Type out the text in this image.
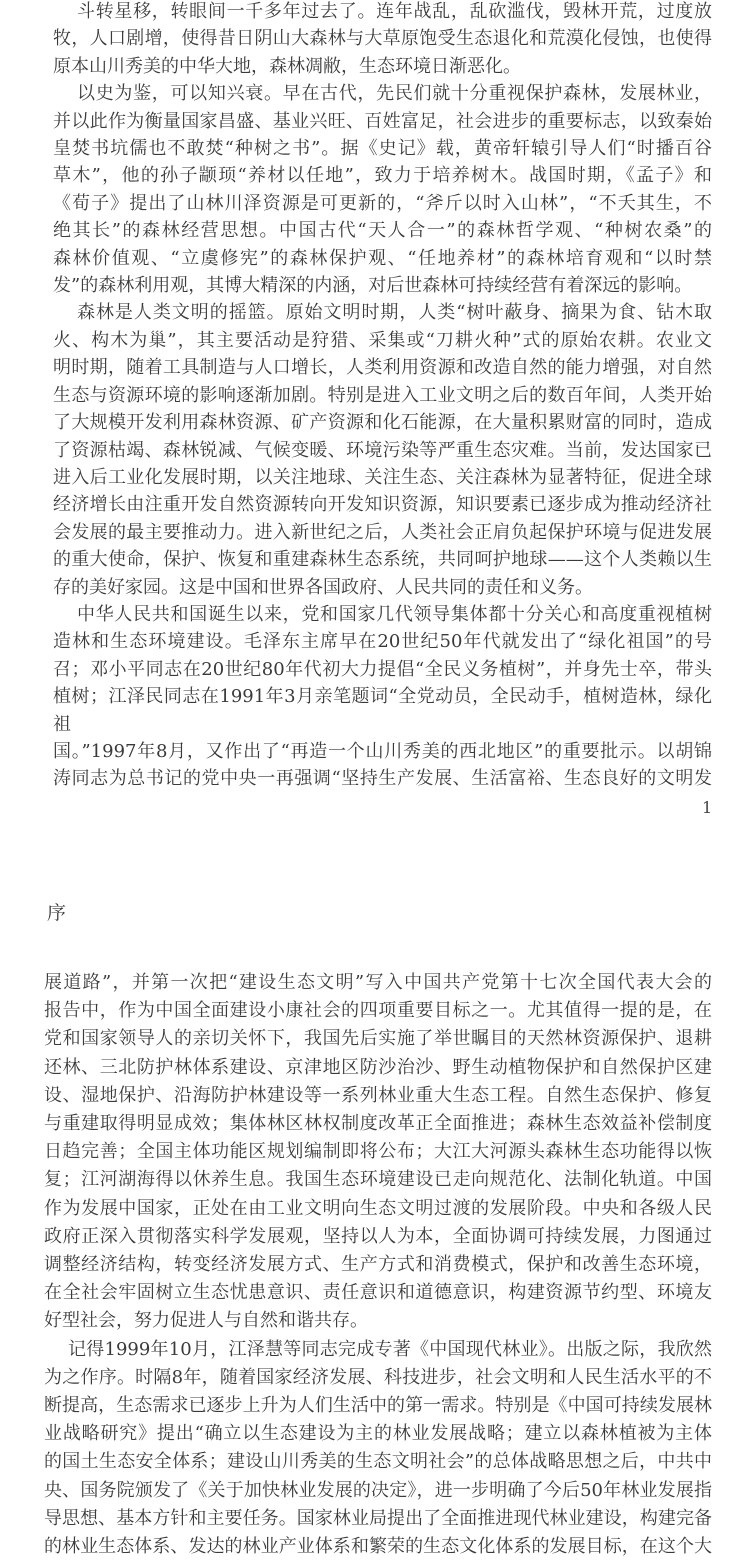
斗转星移，转眼间一千多年过去了。连年战乱，乱砍滥伐，毁林开荒，过度放
牧，人口剧增，使得昔日阴山大森林与大草原饱受生态退化和荒漠化侵蚀，也使得
原本山川秀美的中华大地，森林凋敝，生态环境日渐恶化。
以史为鉴，可以知兴衰。早在古代，先民们就十分重视保护森林，发展林业，
并以此作为衡量国家昌盛、基业兴旺、百姓富足，社会进步的重要标志，以致秦始
皇焚书坑儒也不敢焚“种树之书”。据《史记》载，黄帝轩辕引导人们“时播百谷
草木”，他的孙子颛顼“养材以任地”，致力于培养树木。战国时期，《孟子》和
《荀子》提出了山林川泽资源是可更新的，“斧斤以时入山林”，“不夭其生，不
绝其长”的森林经营思想。中国古代“天人合一”的森林哲学观、“种树农桑”的
森林价值观、“立虞修宪”的森林保护观、“任地养材”的森林培育观和“以时禁
发”的森林利用观，其博大精深的内涵，对后世森林可持续经营有着深远的影响。
森林是人类文明的摇篮。原始文明时期，人类“树叶蔽身、摘果为食、钻木取
火、构木为巢”，其主要活动是狩猎、采集或“刀耕火种”式的原始农耕。农业文
明时期，随着工具制造与人口增长，人类利用资源和改造自然的能力增强，对自然
生态与资源环境的影响逐渐加剧。特别是进入工业文明之后的数百年间，人类开始
了大规模开发利用森林资源、矿产资源和化石能源，在大量积累财富的同时，造成
了资源枯竭、森林锐减、气候变暖、环境污染等严重生态灾难。当前，发达国家已
进入后工业化发展时期，以关注地球、关注生态、关注森林为显著特征，促进全球
经济增长由注重开发自然资源转向开发知识资源，知识要素已逐步成为推动经济社
会发展的最主要推动力。进入新世纪之后，人类社会正肩负起保护环境与促进发展
的重大使命，保护、恢复和重建森林生态系统，共同呵护地球——这个人类赖以生
存的美好家园。这是中国和世界各国政府、人民共同的责任和义务。
中华人民共和国诞生以来，党和国家几代领导集体都十分关心和高度重视植树
造林和生态环境建设。毛泽东主席早在20世纪50年代就发出了“绿化祖国”的号
召；邓小平同志在20世纪80年代初大力提倡“全民义务植树”，并身先士卒，带头
植树；江泽民同志在1991年3月亲笔题词“全党动员，全民动手，植树造林，绿化祖
国。”1997年8月，又作出了“再造一个山川秀美的西北地区”的重要批示。以胡锦
涛同志为总书记的党中央一再强调“坚持生产发展、生活富裕、生态良好的文明发
1
序
展道路”，并第一次把“建设生态文明”写入中国共产党第十七次全国代表大会的
报告中，作为中国全面建设小康社会的四项重要目标之一。尤其值得一提的是，在
党和国家领导人的亲切关怀下，我国先后实施了举世瞩目的天然林资源保护、退耕
还林、三北防护林体系建设、京津地区防沙治沙、野生动植物保护和自然保护区建
设、湿地保护、沿海防护林建设等一系列林业重大生态工程。自然生态保护、修复
与重建取得明显成效；集体林区林权制度改革正全面推进；森林生态效益补偿制度
日趋完善；全国主体功能区规划编制即将公布；大江大河源头森林生态功能得以恢
复；江河湖海得以休养生息。我国生态环境建设已走向规范化、法制化轨道。中国
作为发展中国家，正处在由工业文明向生态文明过渡的发展阶段。中央和各级人民
政府正深入贯彻落实科学发展观，坚持以人为本，全面协调可持续发展，力图通过
调整经济结构，转变经济发展方式、生产方式和消费模式，保护和改善生态环境，
在全社会牢固树立生态忧患意识、责任意识和道德意识，构建资源节约型、环境友
好型社会，努力促进人与自然和谐共存。
记得1999年10月，江泽慧等同志完成专著《中国现代林业》。出版之际，我欣然
为之作序。时隔8年，随着国家经济发展、科技进步，社会文明和人民生活水平的不
断提高，生态需求已逐步上升为人们生活中的第一需求。特别是《中国可持续发展林
业战略研究》提出“确立以生态建设为主的林业发展战略；建立以森林植被为主体
的国土生态安全体系；建设山川秀美的生态文明社会”的总体战略思想之后，中共中
央、国务院颁发了《关于加快林业发展的决定》，进一步明确了今后50年林业发展指
导思想、基本方针和主要任务。国家林业局提出了全面推进现代林业建设，构建完备
的林业生态体系、发达的林业产业体系和繁荣的生态文化体系的发展目标，在这个大
